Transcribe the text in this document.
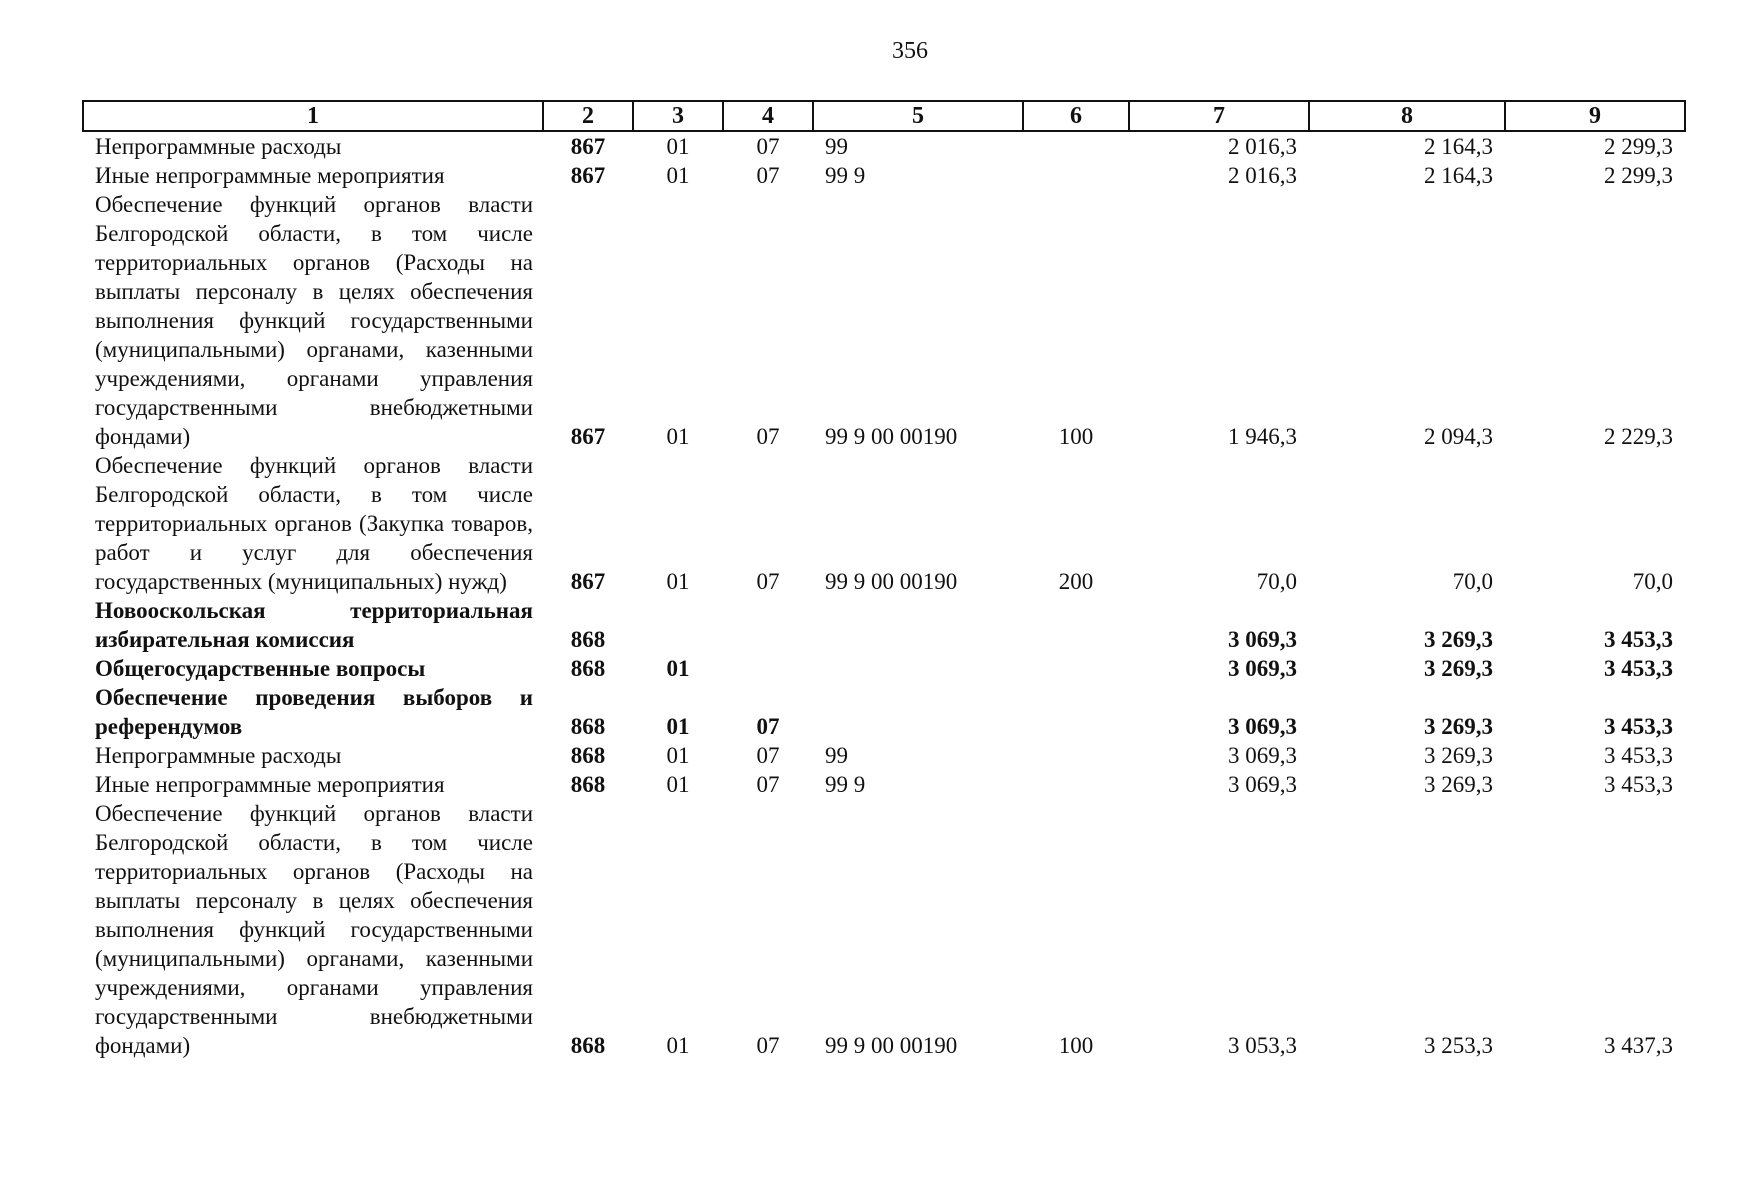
356
1	2	3	4	5	6	7	8	9
Непрограммные расходы	867	01	07	99		2 016,3	2 164,3	2 299,3
Иные непрограммные мероприятия	867	01	07	99 9		2 016,3	2 164,3	2 299,3
Обеспечение функций органов власти Белгородской области, в том числе территориальных органов (Расходы на выплаты персоналу в целях обеспечения выполнения функций государственными (муниципальными) органами, казенными учреждениями, органами управления государственными внебюджетными фондами)	867	01	07	99 9 00 00190	100	1 946,3	2 094,3	2 229,3
Обеспечение функций органов власти Белгородской области, в том числе территориальных органов (Закупка товаров, работ и услуг для обеспечения государственных (муниципальных) нужд)	867	01	07	99 9 00 00190	200	70,0	70,0	70,0
Новооскольская территориальная избирательная комиссия	868					3 069,3	3 269,3	3 453,3
Общегосударственные вопросы	868	01				3 069,3	3 269,3	3 453,3
Обеспечение проведения выборов и референдумов	868	01	07			3 069,3	3 269,3	3 453,3
Непрограммные расходы	868	01	07	99		3 069,3	3 269,3	3 453,3
Иные непрограммные мероприятия	868	01	07	99 9		3 069,3	3 269,3	3 453,3
Обеспечение функций органов власти Белгородской области, в том числе территориальных органов (Расходы на выплаты персоналу в целях обеспечения выполнения функций государственными (муниципальными) органами, казенными учреждениями, органами управления государственными внебюджетными фондами)	868	01	07	99 9 00 00190	100	3 053,3	3 253,3	3 437,3
